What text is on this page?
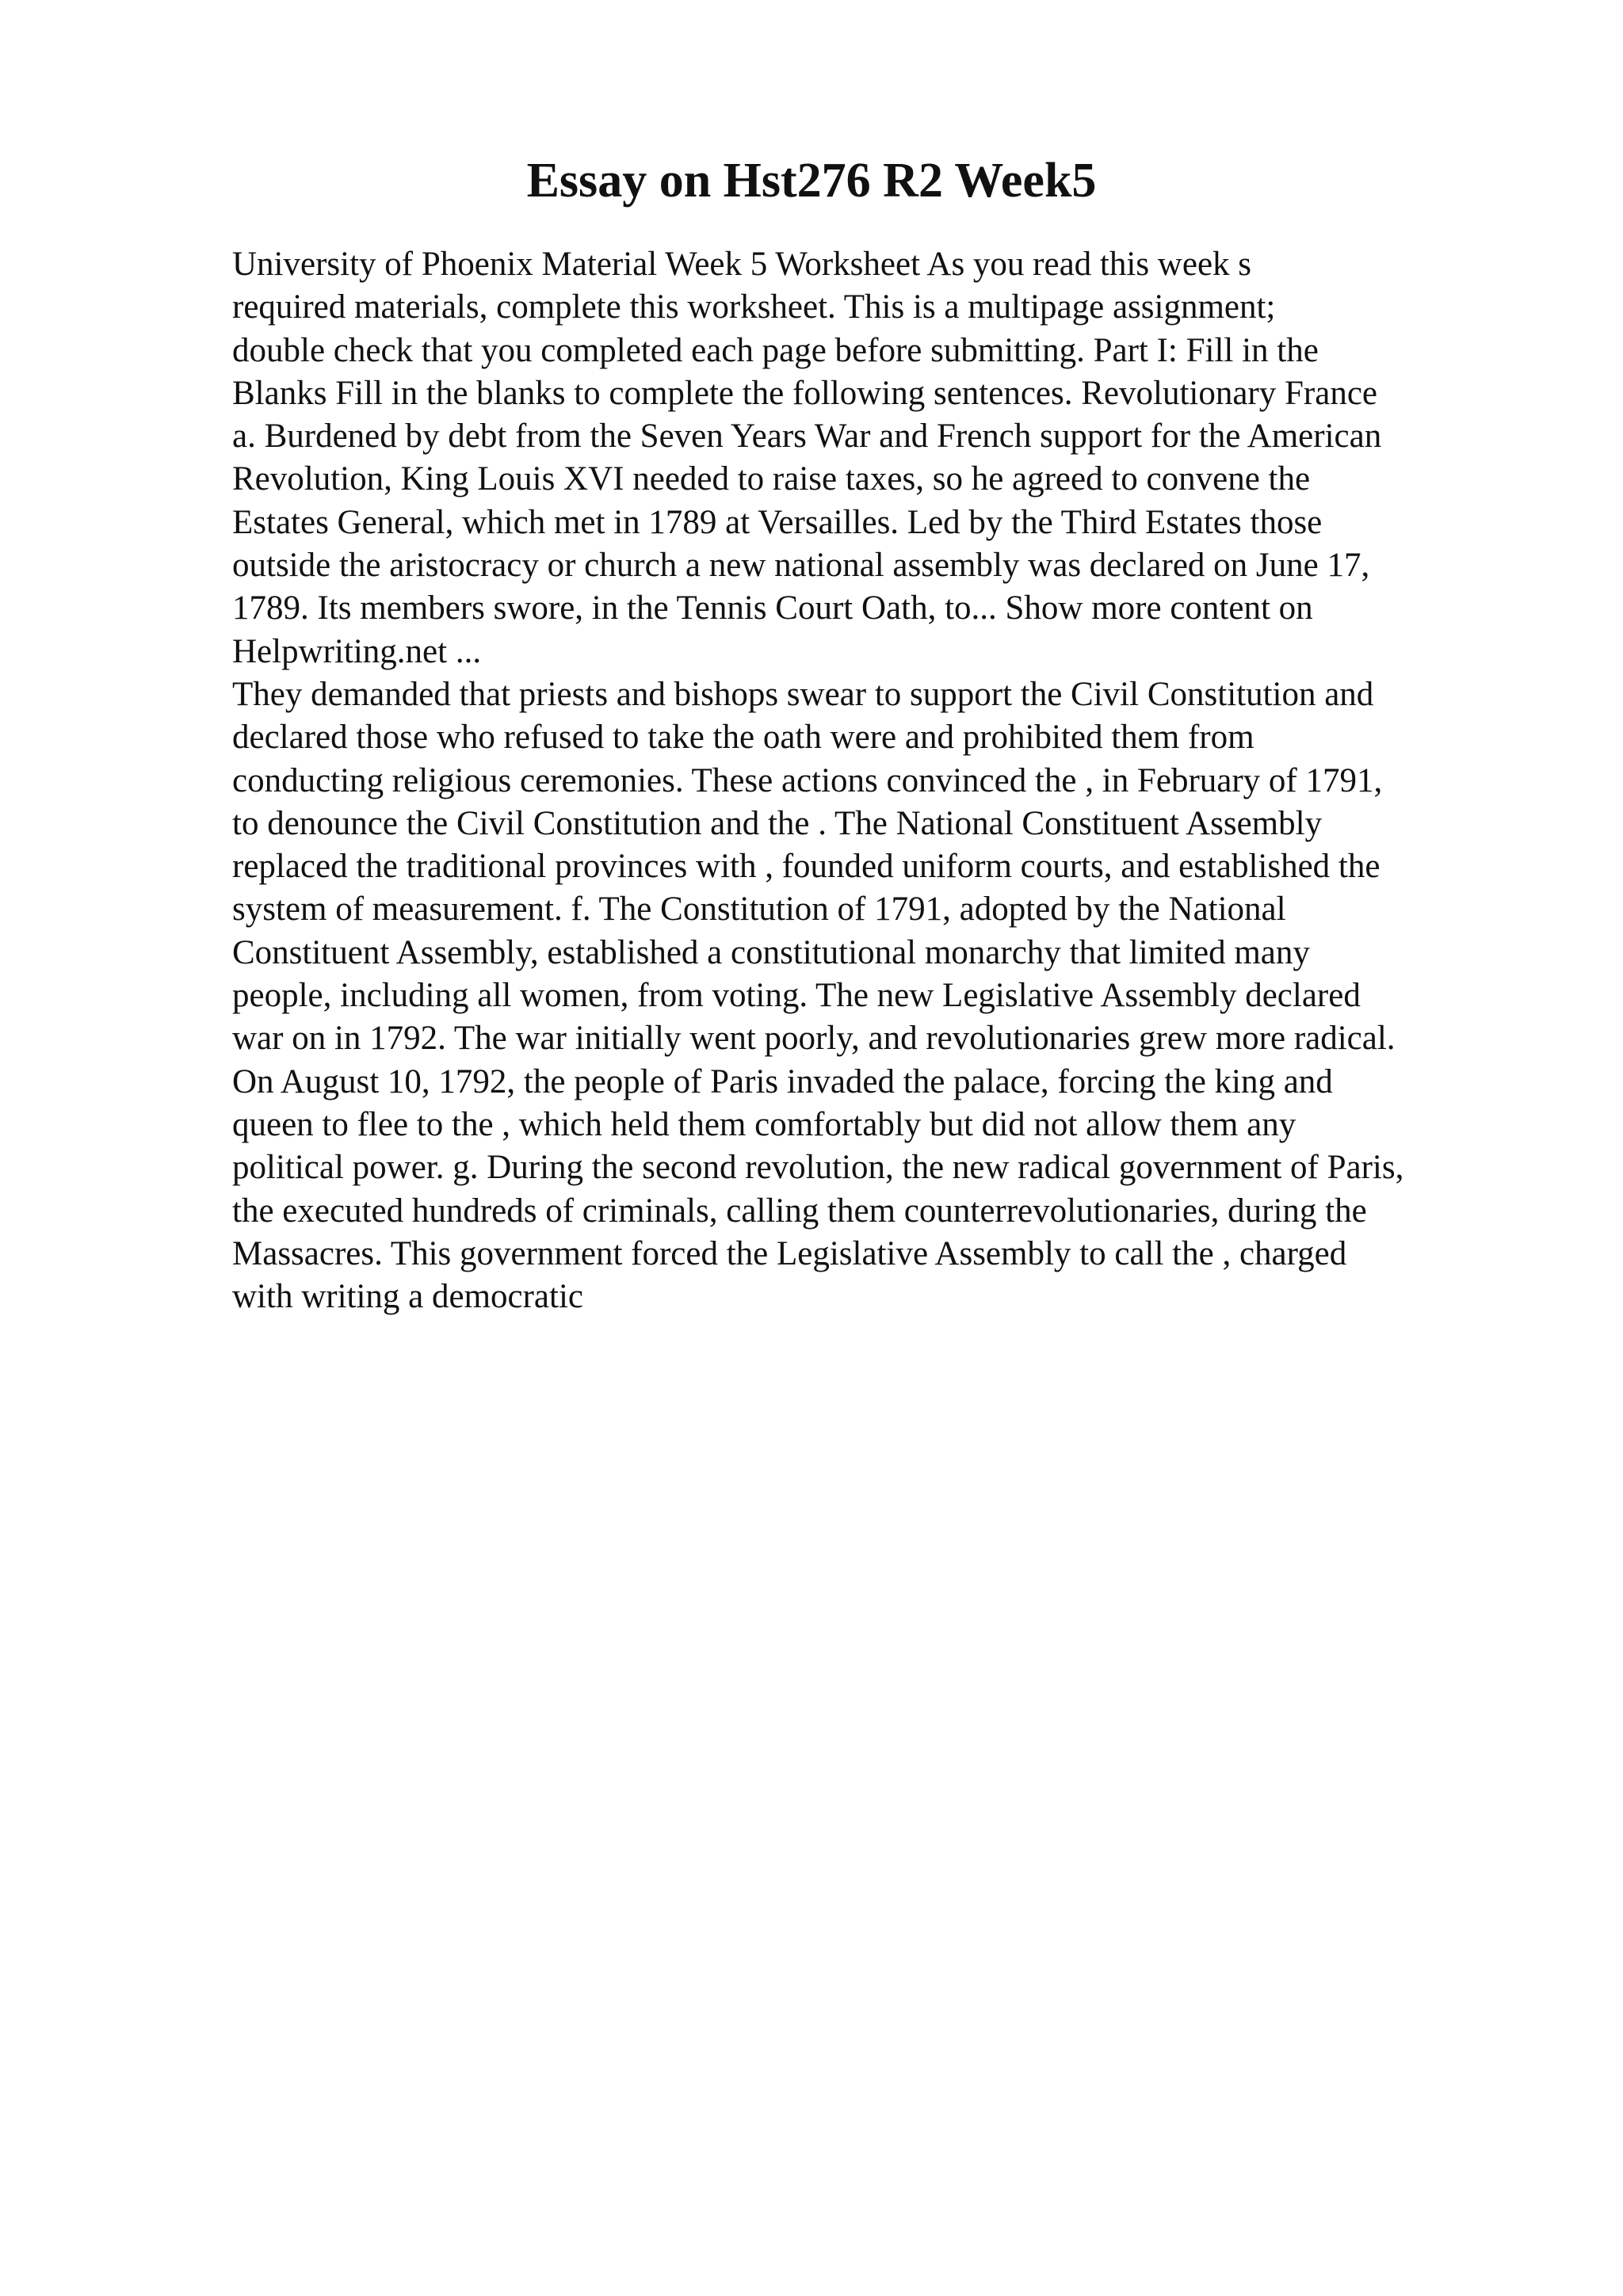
Essay on Hst276 R2 Week5
University of Phoenix Material Week 5 Worksheet As you read this week s
required materials, complete this worksheet. This is a multipage assignment;
double check that you completed each page before submitting. Part I: Fill in the
Blanks Fill in the blanks to complete the following sentences. Revolutionary France
a. Burdened by debt from the Seven Years War and French support for the American
Revolution, King Louis XVI needed to raise taxes, so he agreed to convene the
Estates General, which met in 1789 at Versailles. Led by the Third Estates those
outside the aristocracy or church a new national assembly was declared on June 17,
1789. Its members swore, in the Tennis Court Oath, to... Show more content on
Helpwriting.net ...
They demanded that priests and bishops swear to support the Civil Constitution and
declared those who refused to take the oath were and prohibited them from
conducting religious ceremonies. These actions convinced the , in February of 1791,
to denounce the Civil Constitution and the . The National Constituent Assembly
replaced the traditional provinces with , founded uniform courts, and established the
system of measurement. f. The Constitution of 1791, adopted by the National
Constituent Assembly, established a constitutional monarchy that limited many
people, including all women, from voting. The new Legislative Assembly declared
war on in 1792. The war initially went poorly, and revolutionaries grew more radical.
On August 10, 1792, the people of Paris invaded the palace, forcing the king and
queen to flee to the , which held them comfortably but did not allow them any
political power. g. During the second revolution, the new radical government of Paris,
the executed hundreds of criminals, calling them counterrevolutionaries, during the
Massacres. This government forced the Legislative Assembly to call the , charged
with writing a democratic
